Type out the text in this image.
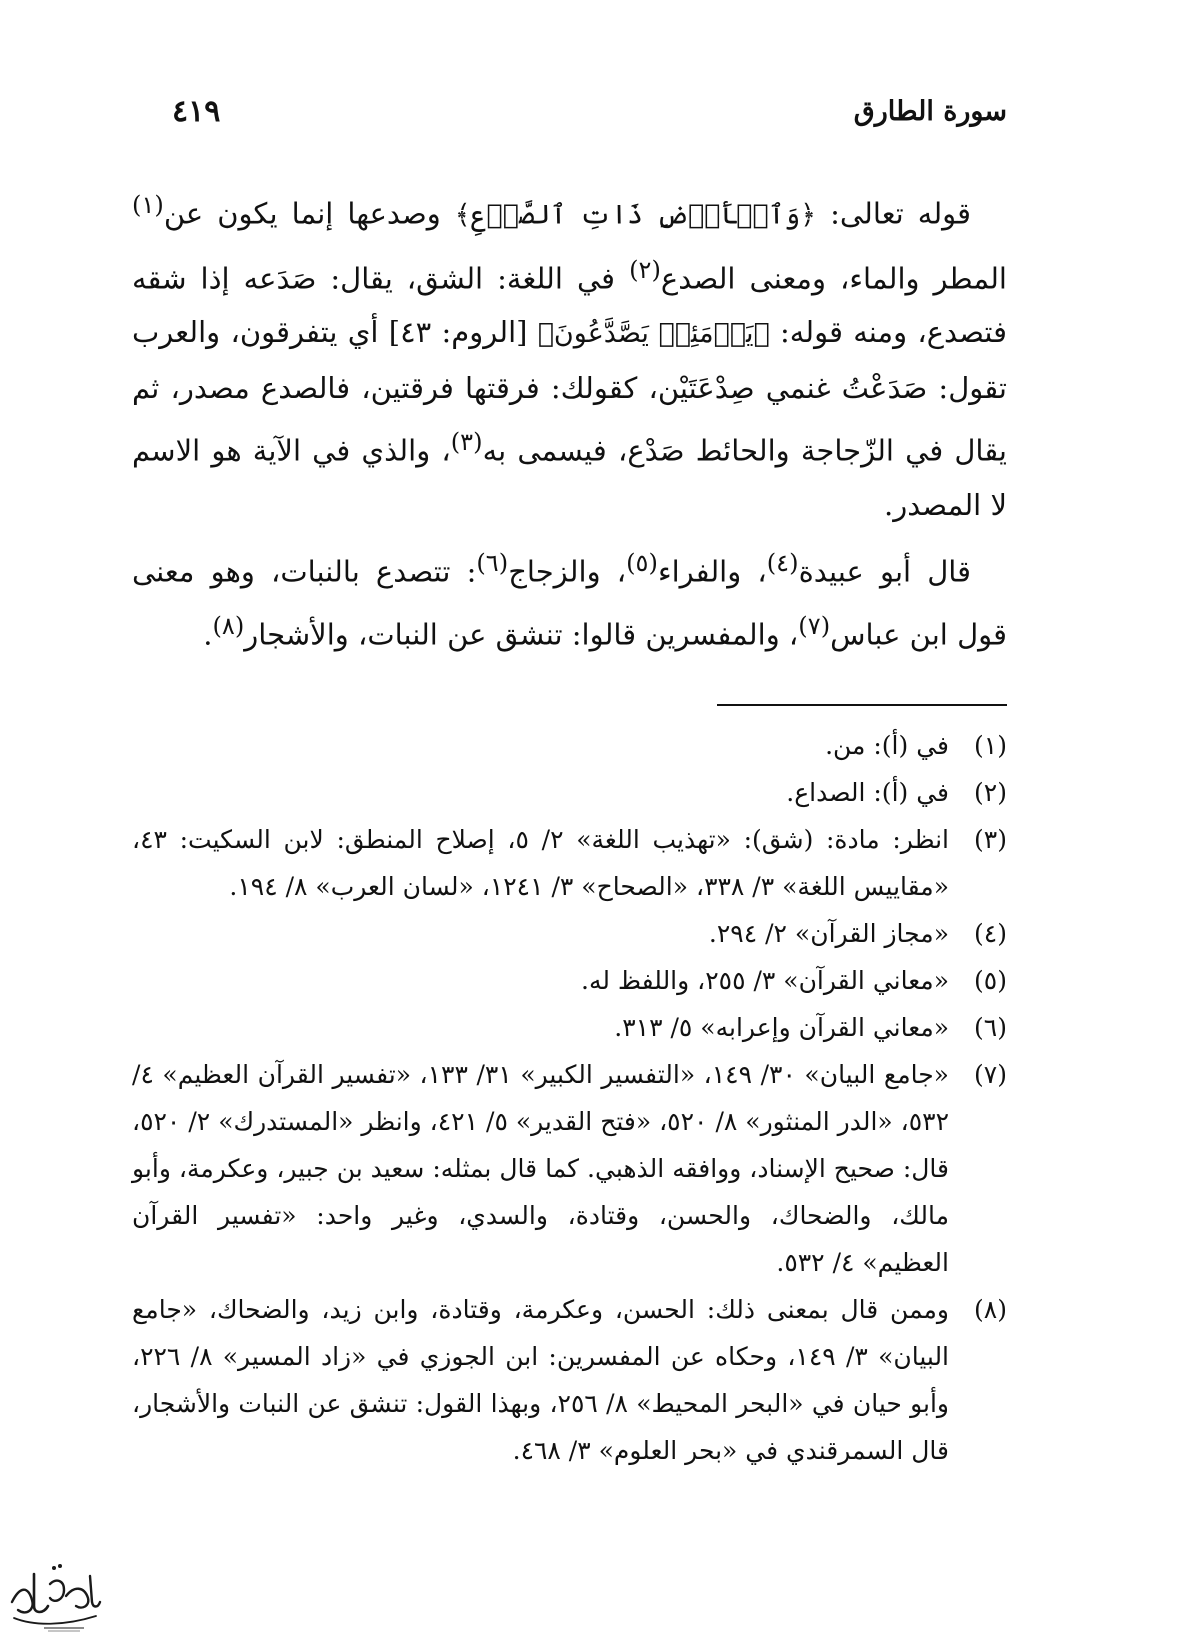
سورة الطارق
٤١٩

قوله تعالى: ﴿وَٱلۡأَرۡضِ ذَاتِ ٱلصَّدۡعِ﴾ وصدعها إنما يكون عن$^{(١)}$ المطر والماء، ومعنى الصدع$^{(٢)}$ في اللغة: الشق، يقال: صَدَعه إذا شقه فتصدع، ومنه قوله: ﴿يَوۡمَئِذٖ يَصَّدَّعُونَ﴾ [الروم: ٤٣] أي يتفرقون، والعرب تقول: صَدَعْتُ غنمي صِدْعَتَيْن، كقولك: فرقتها فرقتين، فالصدع مصدر، ثم يقال في الزّجاجة والحائط صَدْع، فيسمى به$^{(٣)}$، والذي في الآية هو الاسم لا المصدر.

قال أبو عبيدة$^{(٤)}$، والفراء$^{(٥)}$، والزجاج$^{(٦)}$: تتصدع بالنبات، وهو معنى قول ابن عباس$^{(٧)}$، والمفسرين قالوا: تنشق عن النبات، والأشجار$^{(٨)}$.

(١)
في (أ): من.
(٢)
في (أ): الصداع.
(٣)
انظر: مادة: (شق): «تهذيب اللغة» ٢/ ٥، إصلاح المنطق: لابن السكيت: ٤٣، «مقاييس اللغة» ٣/ ٣٣٨، «الصحاح» ٣/ ١٢٤١، «لسان العرب» ٨/ ١٩٤.
(٤)
«مجاز القرآن» ٢/ ٢٩٤.
(٥)
«معاني القرآن» ٣/ ٢٥٥، واللفظ له.
(٦)
«معاني القرآن وإعرابه» ٥/ ٣١٣.
(٧)
«جامع البيان» ٣٠/ ١٤٩، «التفسير الكبير» ٣١/ ١٣٣، «تفسير القرآن العظيم» ٤/ ٥٣٢، «الدر المنثور» ٨/ ٥٢٠، «فتح القدير» ٥/ ٤٢١، وانظر «المستدرك» ٢/ ٥٢٠، قال: صحيح الإسناد، ووافقه الذهبي. كما قال بمثله: سعيد بن جبير، وعكرمة، وأبو مالك، والضحاك، والحسن، وقتادة، والسدي، وغير واحد: «تفسير القرآن العظيم» ٤/ ٥٣٢.
(٨)
وممن قال بمعنى ذلك: الحسن، وعكرمة، وقتادة، وابن زيد، والضحاك، «جامع البيان» ٣/ ١٤٩، وحكاه عن المفسرين: ابن الجوزي في «زاد المسير» ٨/ ٢٢٦، وأبو حيان في «البحر المحيط» ٨/ ٢٥٦، وبهذا القول: تنشق عن النبات والأشجار، قال السمرقندي في «بحر العلوم» ٣/ ٤٦٨.
